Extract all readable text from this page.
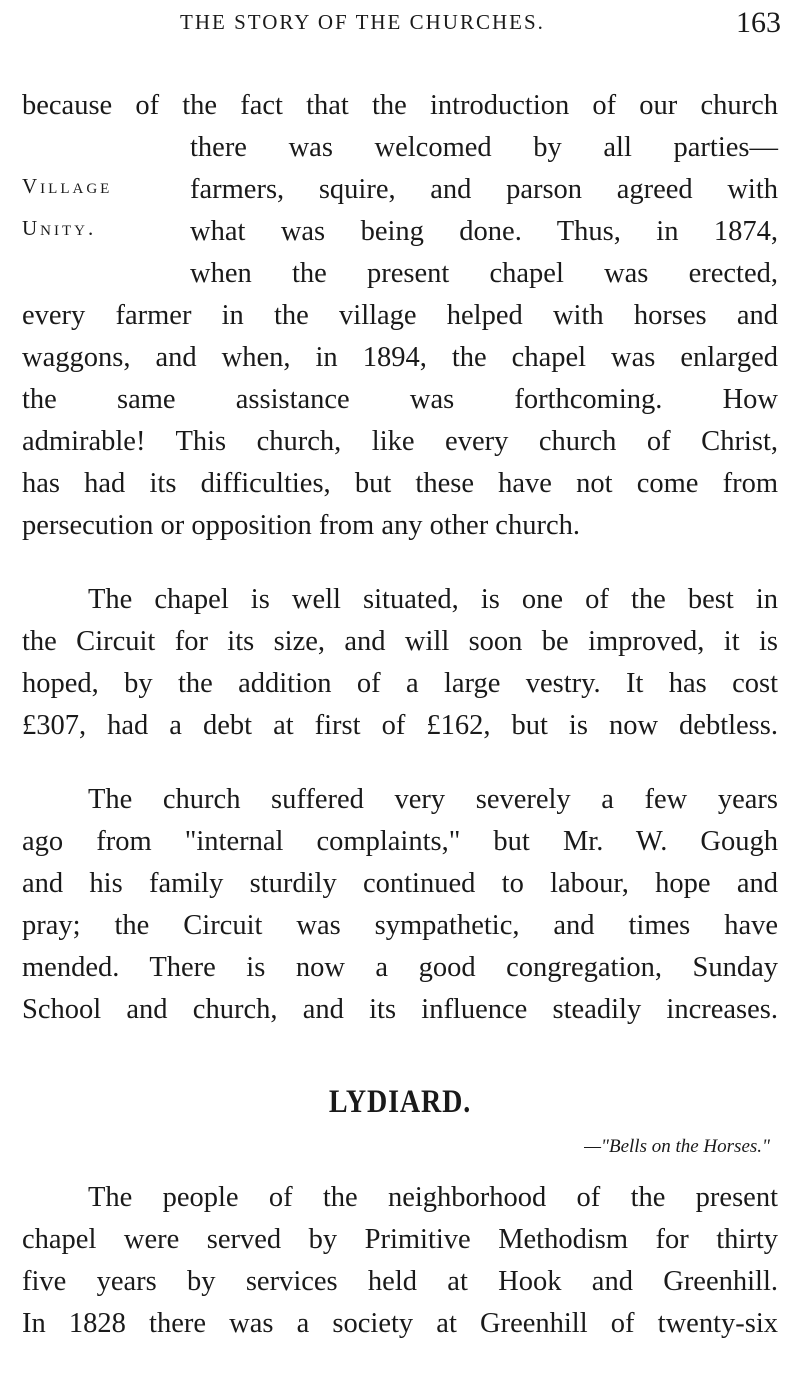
THE STORY OF THE CHURCHES.	163
because of the fact that the introduction of our church
there was welcomed by all parties—
farmers, squire, and parson agreed with
what was being done. Thus, in 1874,
when the present chapel was erected,
every farmer in the village helped with horses and
waggons, and when, in 1894, the chapel was enlarged
the same assistance was forthcoming. How
admirable! This church, like every church of Christ,
has had its difficulties, but these have not come from
persecution or opposition from any other church.
Village
Unity.
The chapel is well situated, is one of the best in
the Circuit for its size, and will soon be improved, it is
hoped, by the addition of a large vestry. It has cost
£307, had a debt at first of £162, but is now debtless.
The church suffered very severely a few years
ago from "internal complaints," but Mr. W. Gough
and his family sturdily continued to labour, hope and
pray; the Circuit was sympathetic, and times have
mended. There is now a good congregation, Sunday
School and church, and its influence steadily increases.
LYDIARD.
—"Bells on the Horses."
The people of the neighborhood of the present
chapel were served by Primitive Methodism for thirty
five years by services held at Hook and Greenhill.
In 1828 there was a society at Greenhill of twenty-six
